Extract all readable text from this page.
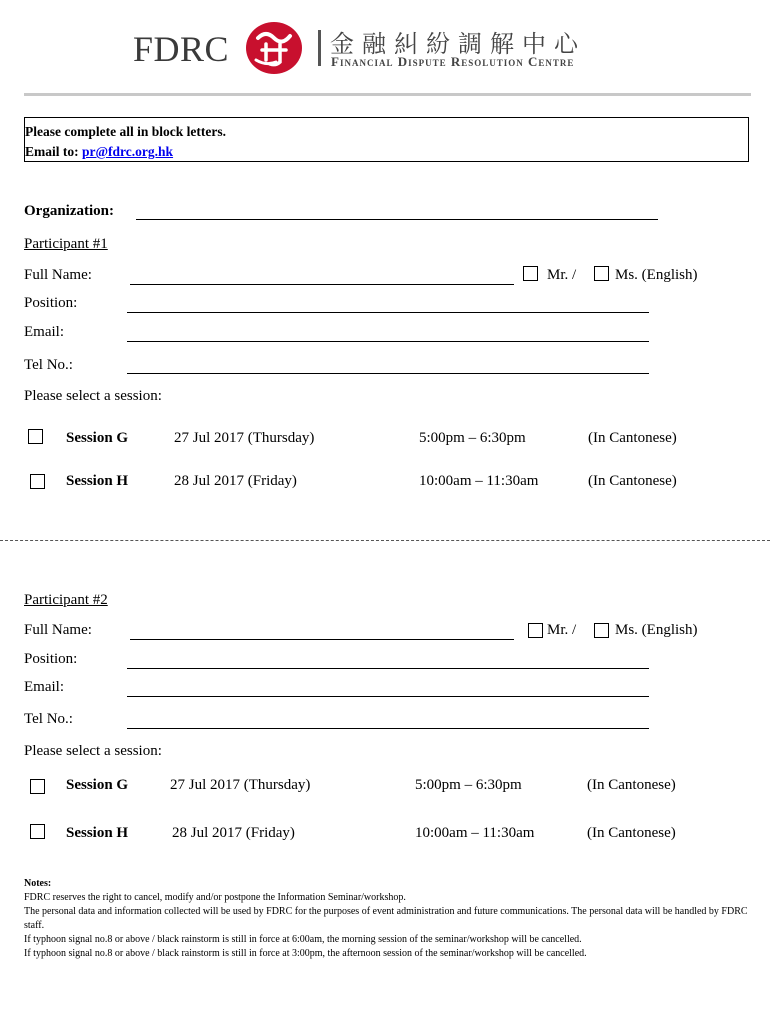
FDRC	金融糾紛調解中心
Financial Dispute Resolution Centre
Please complete all in block letters.
Email to: pr@fdrc.org.hk
Organization:
Participant #1
Full Name:	Mr. /	Ms. (English)
Position:
Email:
Tel No.:
Please select a session:
Session G	27 Jul 2017 (Thursday)	5:00pm – 6:30pm	(In Cantonese)
Session H	28 Jul 2017 (Friday)	10:00am – 11:30am	(In Cantonese)
Participant #2
Full Name:	Mr. /	Ms. (English)
Position:
Email:
Tel No.:
Please select a session:
Session G	27 Jul 2017 (Thursday)	5:00pm – 6:30pm	(In Cantonese)
Session H	28 Jul 2017 (Friday)	10:00am – 11:30am	(In Cantonese)

Notes:

FDRC reserves the right to cancel, modify and/or postpone the Information Seminar/workshop.

The personal data and information collected will be used by FDRC for the purposes of event administration and future communications. The personal data will be handled by FDRC staff.

If typhoon signal no.8 or above / black rainstorm is still in force at 6:00am, the morning session of the seminar/workshop will be cancelled.

If typhoon signal no.8 or above / black rainstorm is still in force at 3:00pm, the afternoon session of the seminar/workshop will be cancelled.
